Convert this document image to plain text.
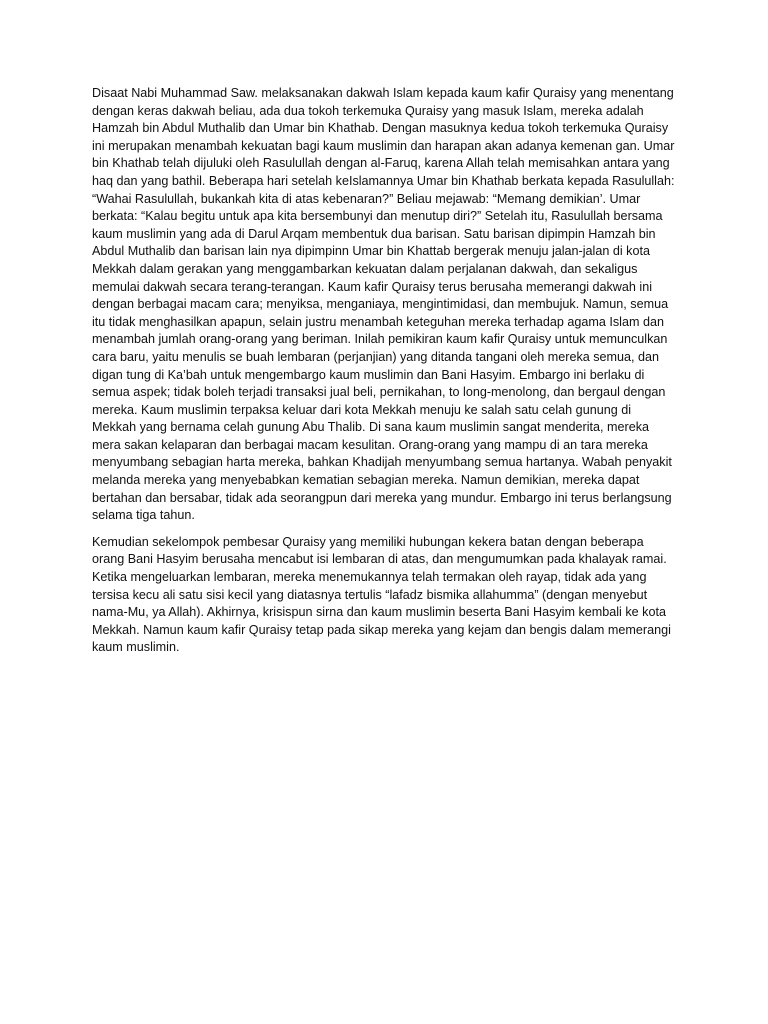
Disaat Nabi Muhammad Saw. melaksanakan dakwah Islam kepada kaum kafir Quraisy yang menentang dengan keras dakwah beliau, ada dua tokoh terkemuka Quraisy yang masuk Islam, mereka adalah Hamzah bin Abdul Muthalib dan Umar bin Khathab. Dengan masuknya kedua tokoh terkemuka Quraisy ini merupakan menambah kekuatan bagi kaum muslimin dan harapan akan adanya kemenan gan. Umar bin Khathab telah dijuluki oleh Rasulullah dengan al-Faruq, karena Allah telah memisahkan antara yang haq dan yang bathil. Beberapa hari setelah keIslamannya Umar bin Khathab berkata kepada Rasulullah: “Wahai Rasulullah, bukankah kita di atas kebenaran?” Beliau mejawab: “Memang demikian’. Umar berkata: “Kalau begitu untuk apa kita bersembunyi dan menutup diri?” Setelah itu, Rasulullah bersama kaum muslimin yang ada di Darul Arqam membentuk dua barisan. Satu barisan dipimpin Hamzah bin Abdul Muthalib dan barisan lain nya dipimpinn Umar bin Khattab bergerak menuju jalan-jalan di kota Mekkah dalam gerakan yang menggambarkan kekuatan dalam perjalanan dakwah, dan sekaligus memulai dakwah secara terang-terangan. Kaum kafir Quraisy terus berusaha memerangi dakwah ini dengan berbagai macam cara; menyiksa, menganiaya, mengintimidasi, dan membujuk. Namun, semua itu tidak menghasilkan apapun, selain justru menambah keteguhan mereka terhadap agama Islam dan menambah jumlah orang-orang yang beriman. Inilah pemikiran kaum kafir Quraisy untuk memunculkan cara baru, yaitu menulis se buah lembaran (perjanjian) yang ditanda tangani oleh mereka semua, dan digan tung di Ka’bah untuk mengembargo kaum muslimin dan Bani Hasyim. Embargo ini berlaku di semua aspek; tidak boleh terjadi transaksi jual beli, pernikahan, to long-menolong, dan bergaul dengan mereka. Kaum muslimin terpaksa keluar dari kota Mekkah menuju ke salah satu celah gunung di Mekkah yang bernama celah gunung Abu Thalib. Di sana kaum muslimin sangat menderita, mereka mera sakan kelaparan dan berbagai macam kesulitan. Orang-orang yang mampu di an tara mereka menyumbang sebagian harta mereka, bahkan Khadijah menyumbang semua hartanya. Wabah penyakit melanda mereka yang menyebabkan kematian sebagian mereka. Namun demikian, mereka dapat bertahan dan bersabar, tidak ada seorangpun dari mereka yang mundur. Embargo ini terus berlangsung selama tiga tahun.

Kemudian sekelompok pembesar Quraisy yang memiliki hubungan kekera batan dengan beberapa orang Bani Hasyim berusaha mencabut isi lembaran di atas, dan mengumumkan pada khalayak ramai. Ketika mengeluarkan lembaran, mereka menemukannya telah termakan oleh rayap, tidak ada yang tersisa kecu ali satu sisi kecil yang diatasnya tertulis “lafadz bismika allahumma” (dengan menyebut nama-Mu, ya Allah). Akhirnya, krisispun sirna dan kaum muslimin beserta Bani Hasyim kembali ke kota Mekkah. Namun kaum kafir Quraisy tetap pada sikap mereka yang kejam dan bengis dalam memerangi kaum muslimin.
